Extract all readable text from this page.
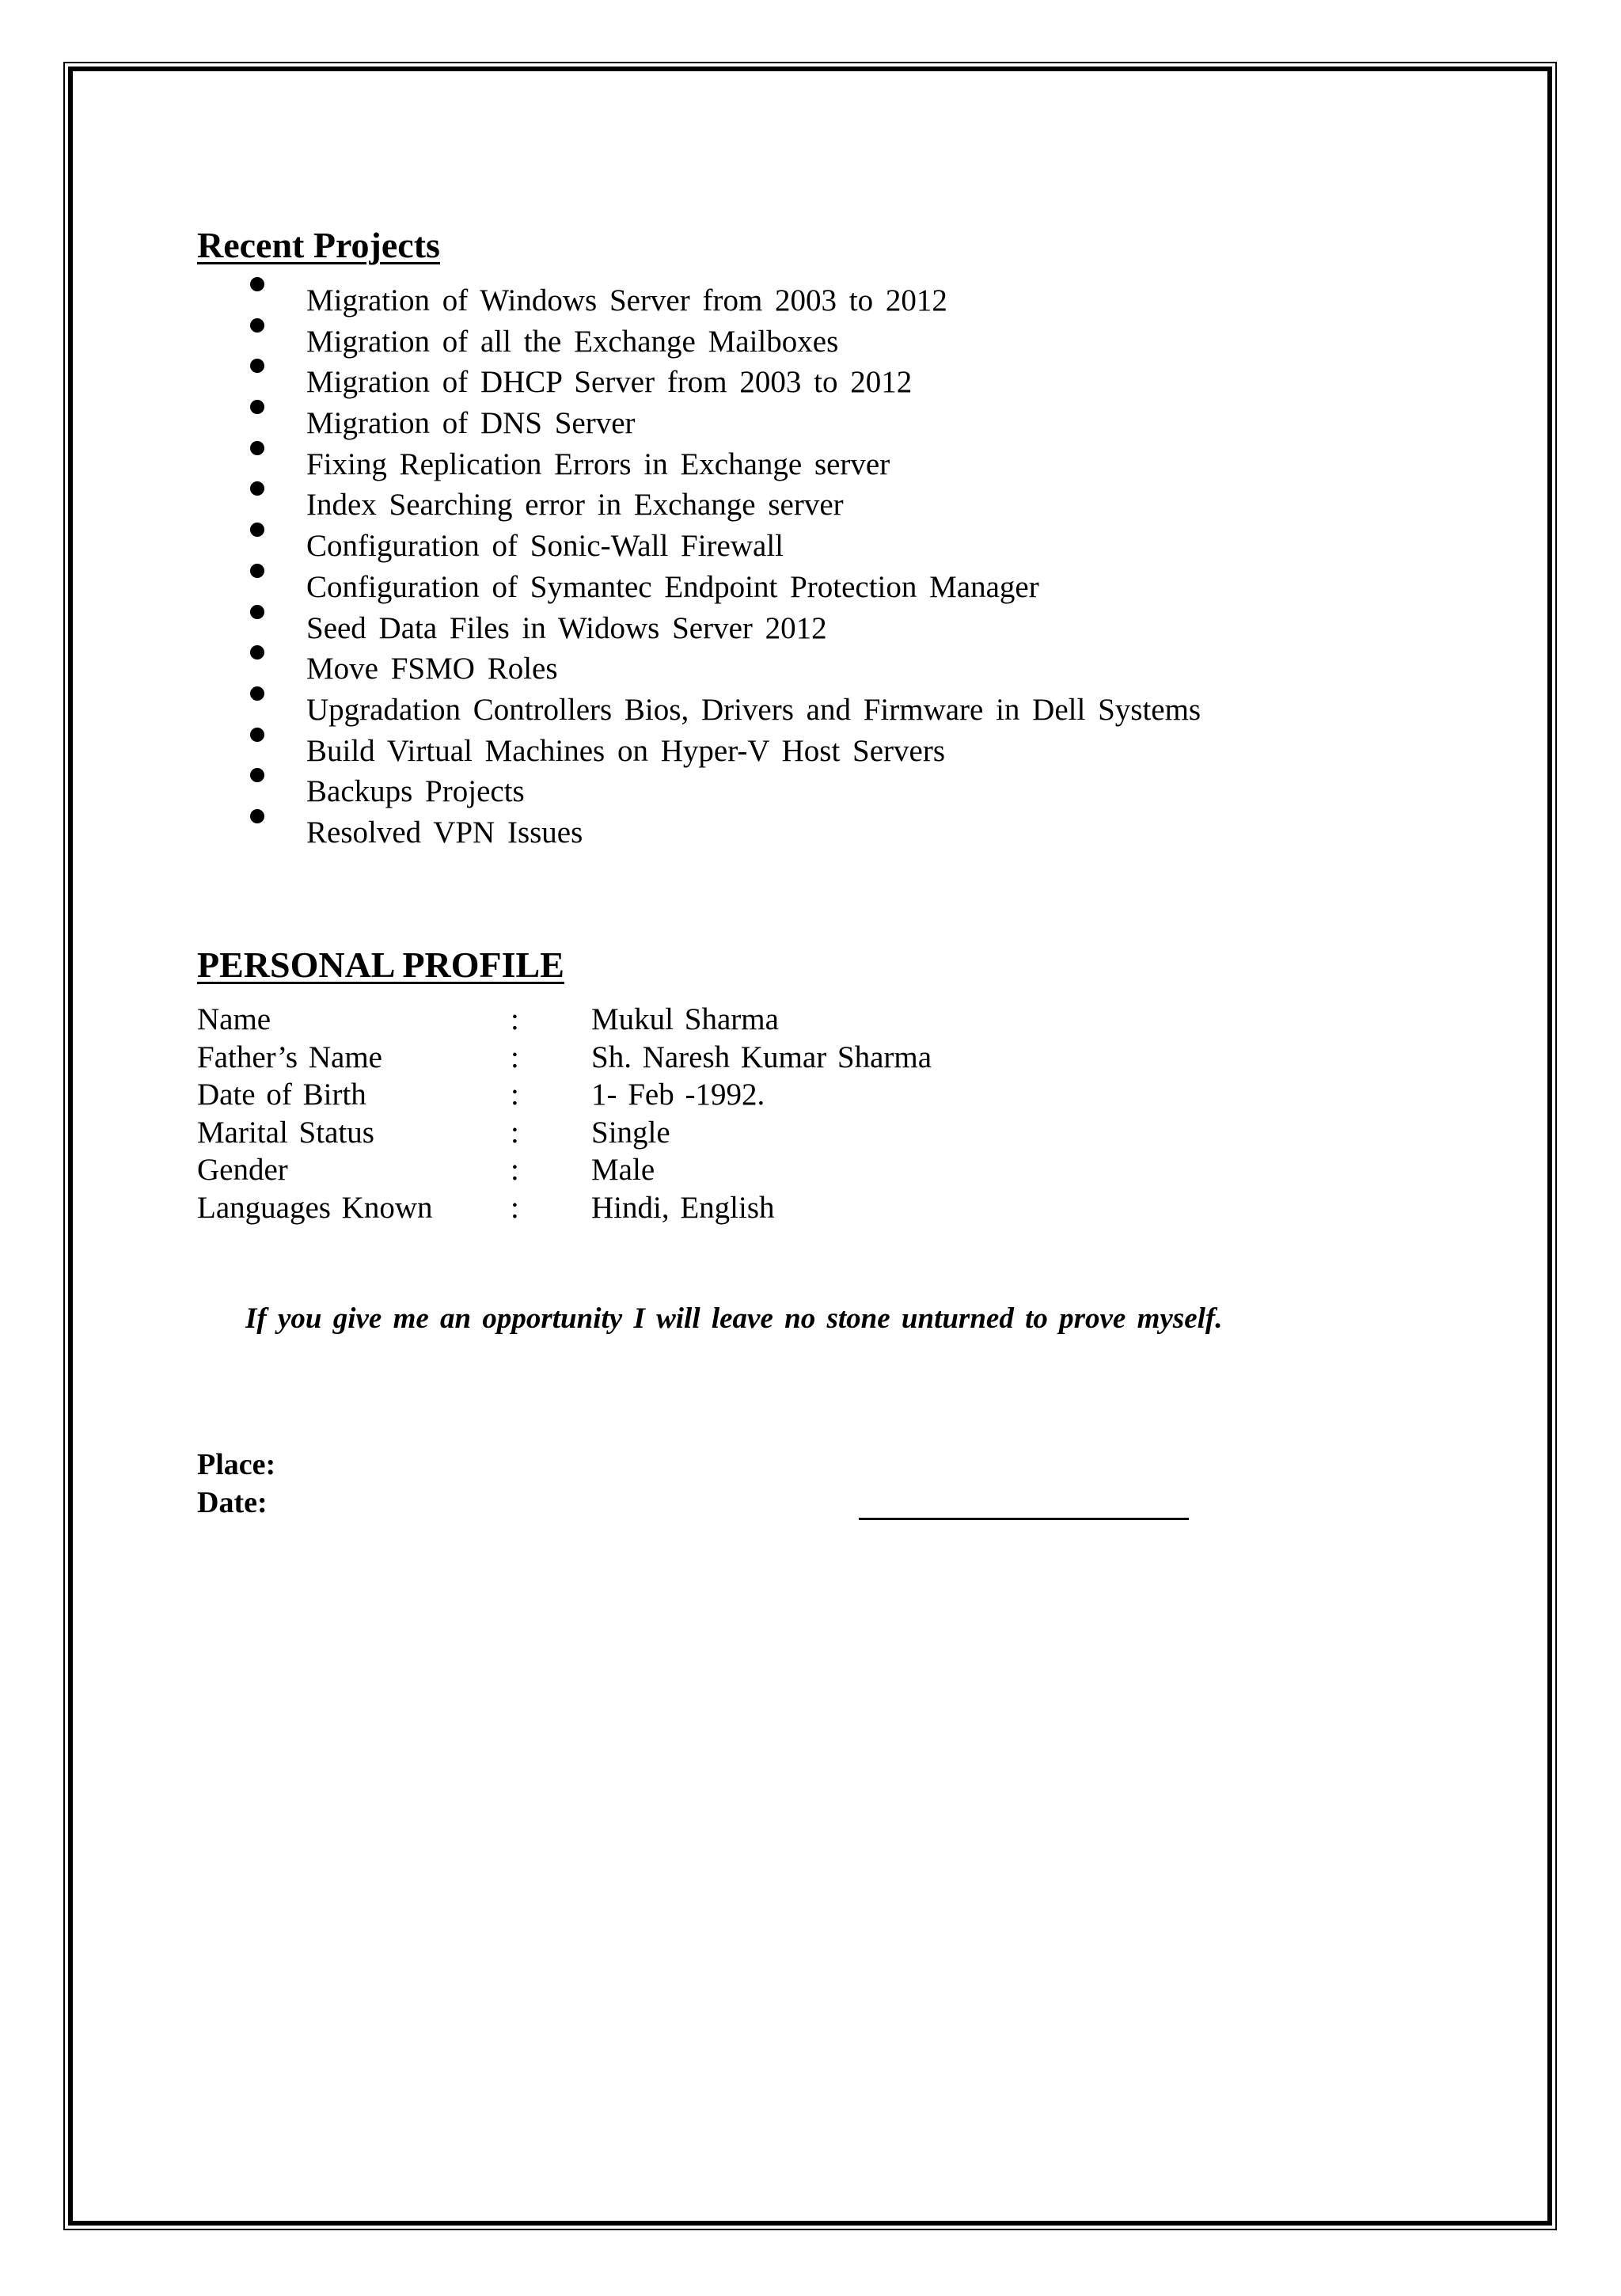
Recent Projects
Migration of Windows Server from 2003 to 2012
Migration of all the Exchange Mailboxes
Migration of DHCP Server from 2003 to 2012
Migration of DNS Server
Fixing Replication Errors in Exchange server
Index Searching error in Exchange server
Configuration of Sonic-Wall Firewall
Configuration of Symantec Endpoint Protection Manager
Seed Data Files in Widows Server 2012
Move FSMO Roles
Upgradation Controllers Bios, Drivers and Firmware in Dell Systems
Build Virtual Machines on Hyper-V Host Servers
Backups Projects
Resolved VPN Issues
PERSONAL PROFILE
Name	: Mukul Sharma
Father’s Name	: Sh. Naresh Kumar Sharma
Date of Birth	: 1- Feb -1992.
Marital Status	: Single
Gender	: Male
Languages Known	: Hindi, English

If you give me an opportunity I will leave no stone unturned to prove myself.

Place:
Date:
